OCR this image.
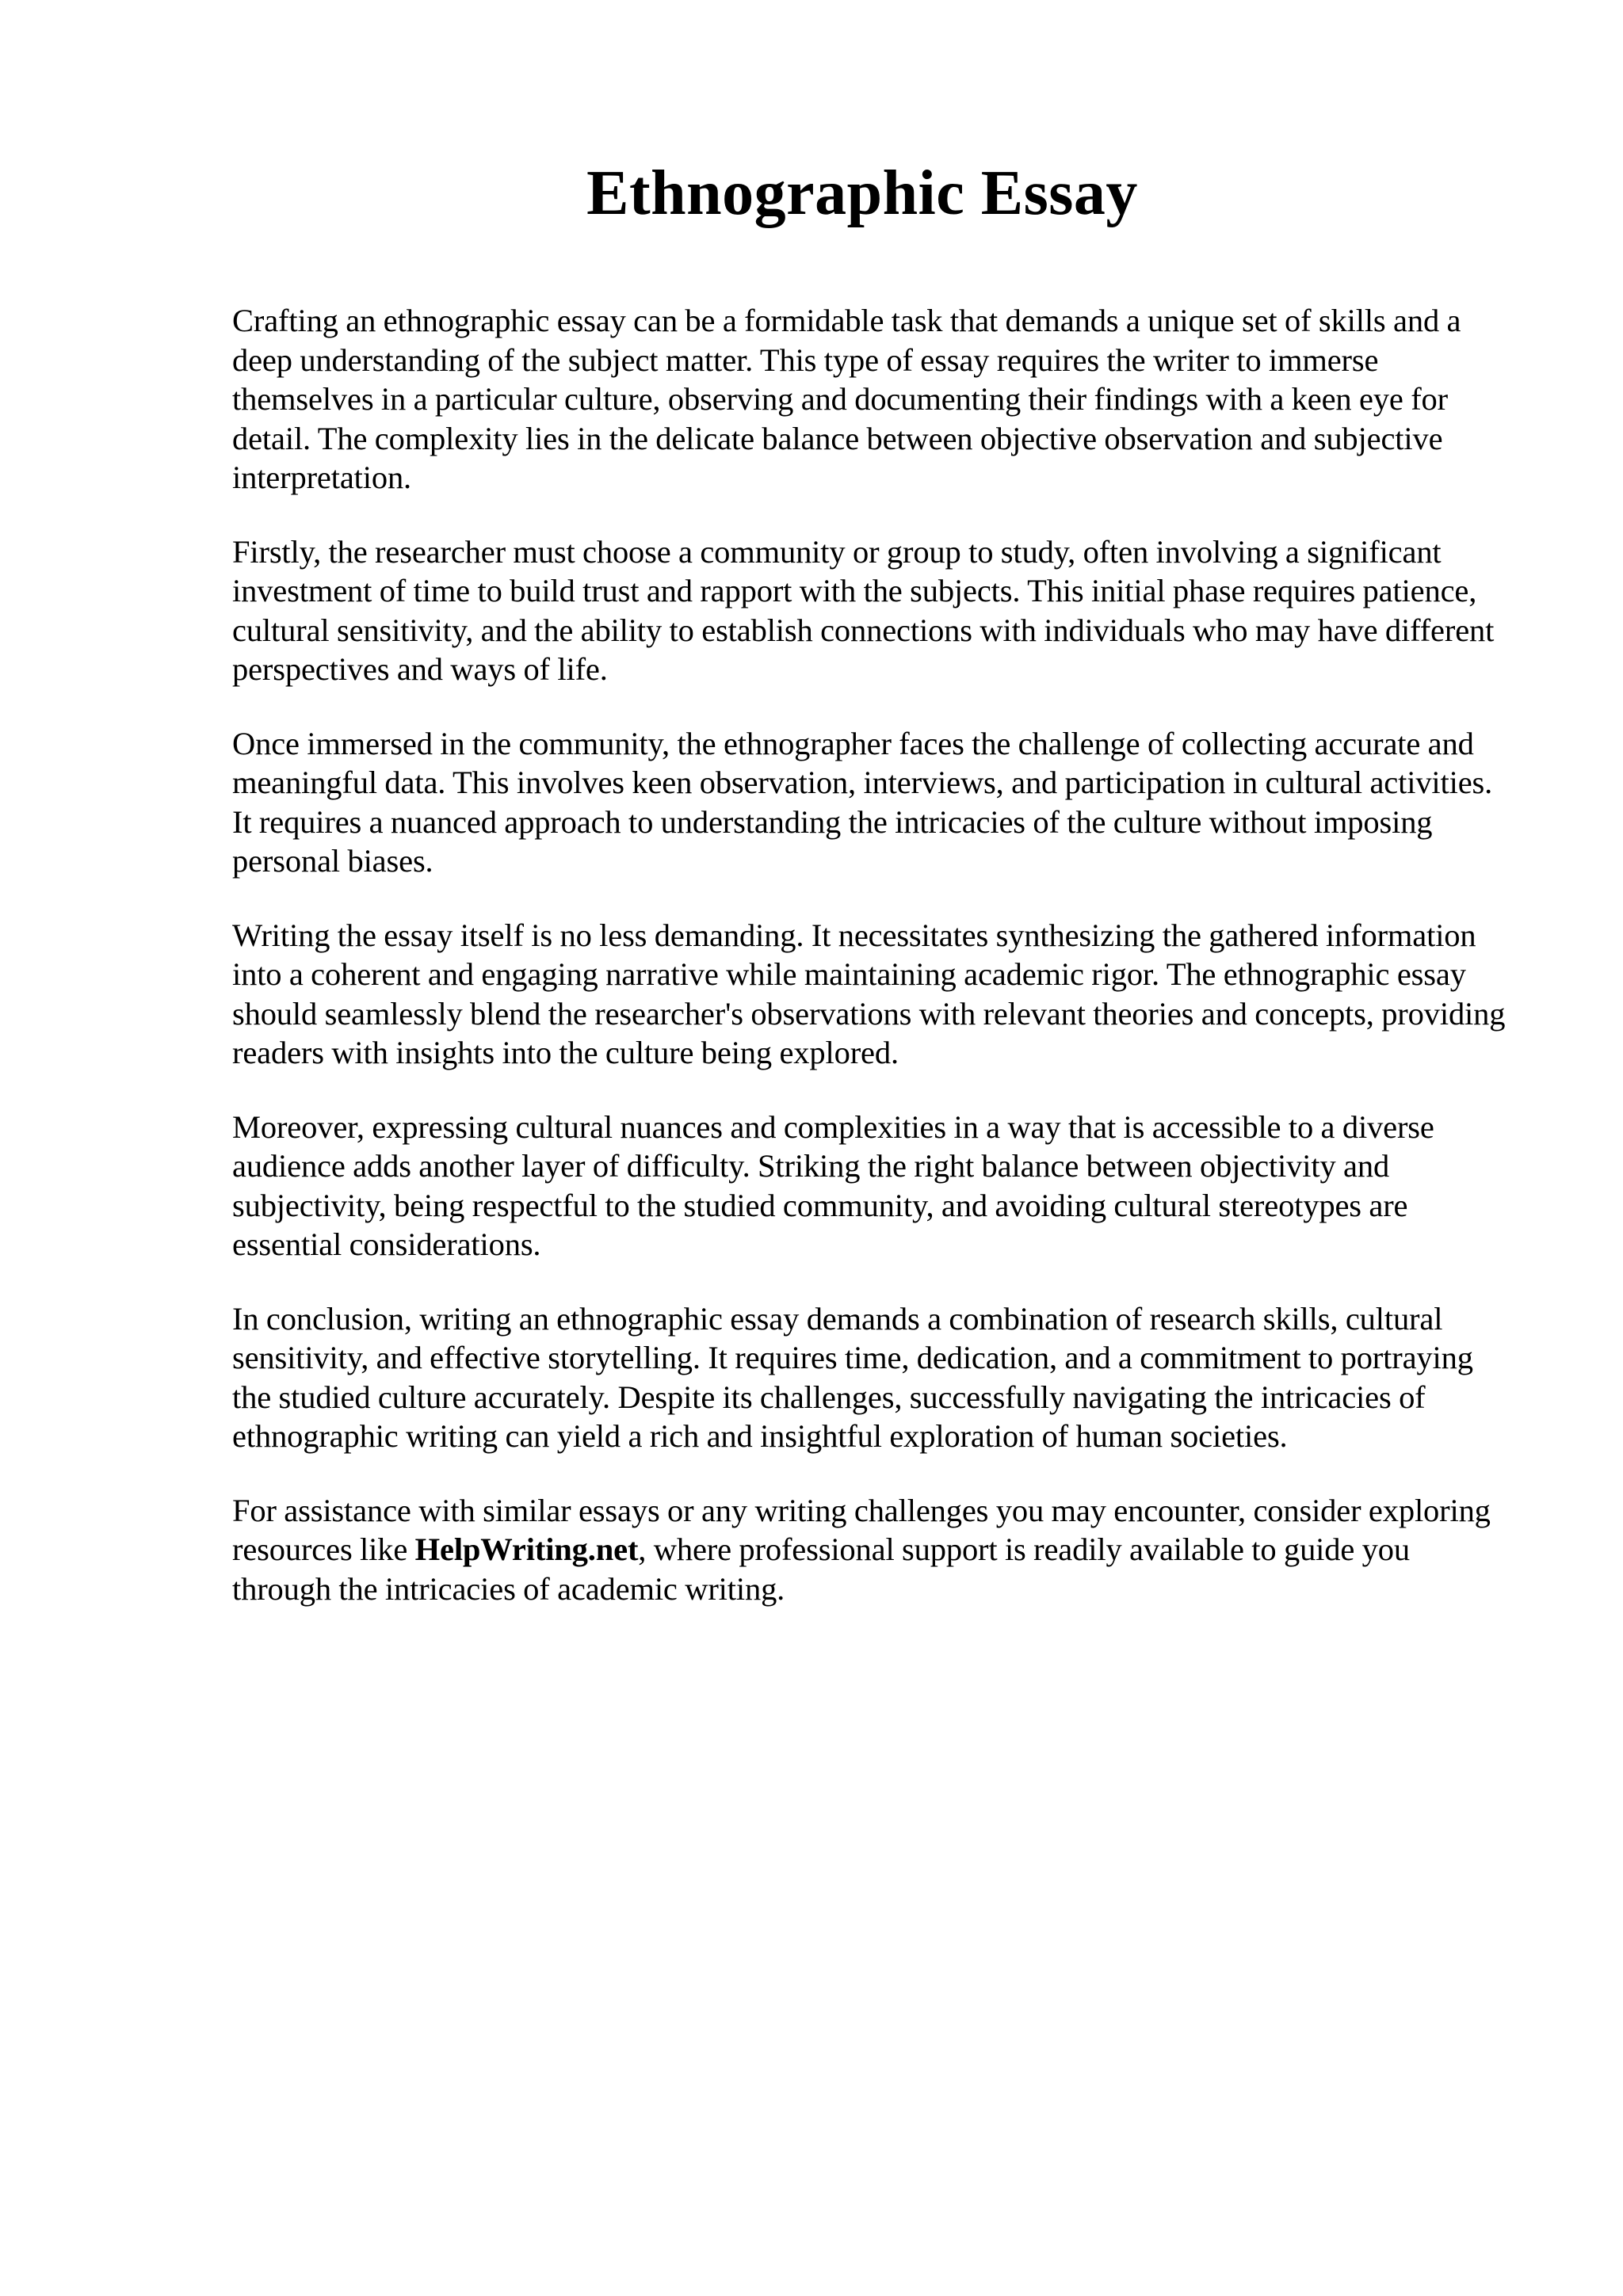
Ethnographic Essay

Crafting an ethnographic essay can be a formidable task that demands a unique set of skills and a deep understanding of the subject matter. This type of essay requires the writer to immerse themselves in a particular culture, observing and documenting their findings with a keen eye for detail. The complexity lies in the delicate balance between objective observation and subjective interpretation.

Firstly, the researcher must choose a community or group to study, often involving a significant investment of time to build trust and rapport with the subjects. This initial phase requires patience, cultural sensitivity, and the ability to establish connections with individuals who may have different perspectives and ways of life.

Once immersed in the community, the ethnographer faces the challenge of collecting accurate and meaningful data. This involves keen observation, interviews, and participation in cultural activities. It requires a nuanced approach to understanding the intricacies of the culture without imposing personal biases.

Writing the essay itself is no less demanding. It necessitates synthesizing the gathered information into a coherent and engaging narrative while maintaining academic rigor. The ethnographic essay should seamlessly blend the researcher's observations with relevant theories and concepts, providing readers with insights into the culture being explored.

Moreover, expressing cultural nuances and complexities in a way that is accessible to a diverse audience adds another layer of difficulty. Striking the right balance between objectivity and subjectivity, being respectful to the studied community, and avoiding cultural stereotypes are essential considerations.

In conclusion, writing an ethnographic essay demands a combination of research skills, cultural sensitivity, and effective storytelling. It requires time, dedication, and a commitment to portraying the studied culture accurately. Despite its challenges, successfully navigating the intricacies of ethnographic writing can yield a rich and insightful exploration of human societies.

For assistance with similar essays or any writing challenges you may encounter, consider exploring resources like HelpWriting.net, where professional support is readily available to guide you through the intricacies of academic writing.
